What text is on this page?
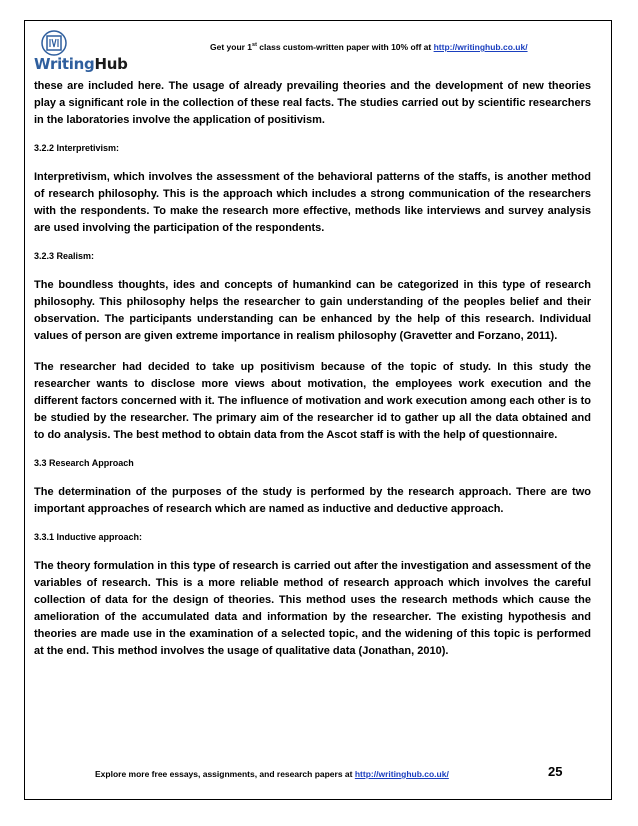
WritingHub
Get your 1st class custom-written paper with 10% off at http://writinghub.co.uk/

these are included here. The usage of already prevailing theories and the development of new theories play a significant role in the collection of these real facts. The studies carried out by scientific researchers in the laboratories involve the application of positivism.

3.2.2 Interpretivism:

Interpretivism, which involves the assessment of the behavioral patterns of the staffs, is another method of research philosophy. This is the approach which includes a strong communication of the researchers with the respondents. To make the research more effective, methods like interviews and survey analysis are used involving the participation of the respondents.

3.2.3 Realism:

The boundless thoughts, ides and concepts of humankind can be categorized in this type of research philosophy. This philosophy helps the researcher to gain understanding of the peoples belief and their observation. The participants understanding can be enhanced by the help of this research. Individual values of person are given extreme importance in realism philosophy (Gravetter and Forzano, 2011).

The researcher had decided to take up positivism because of the topic of study. In this study the researcher wants to disclose more views about motivation, the employees work execution and the different factors concerned with it. The influence of motivation and work execution among each other is to be studied by the researcher. The primary aim of the researcher id to gather up all the data obtained and to do analysis. The best method to obtain data from the Ascot staff is with the help of questionnaire.

3.3 Research Approach

The determination of the purposes of the study is performed by the research approach. There are two important approaches of research which are named as inductive and deductive approach.

3.3.1 Inductive approach:

The theory formulation in this type of research is carried out after the investigation and assessment of the variables of research. This is a more reliable method of research approach which involves the careful collection of data for the design of theories. This method uses the research methods which cause the amelioration of the accumulated data and information by the researcher. The existing hypothesis and theories are made use in the examination of a selected topic, and the widening of this topic is performed at the end. This method involves the usage of qualitative data (Jonathan, 2010).

Explore more free essays, assignments, and research papers at http://writinghub.co.uk/	25
